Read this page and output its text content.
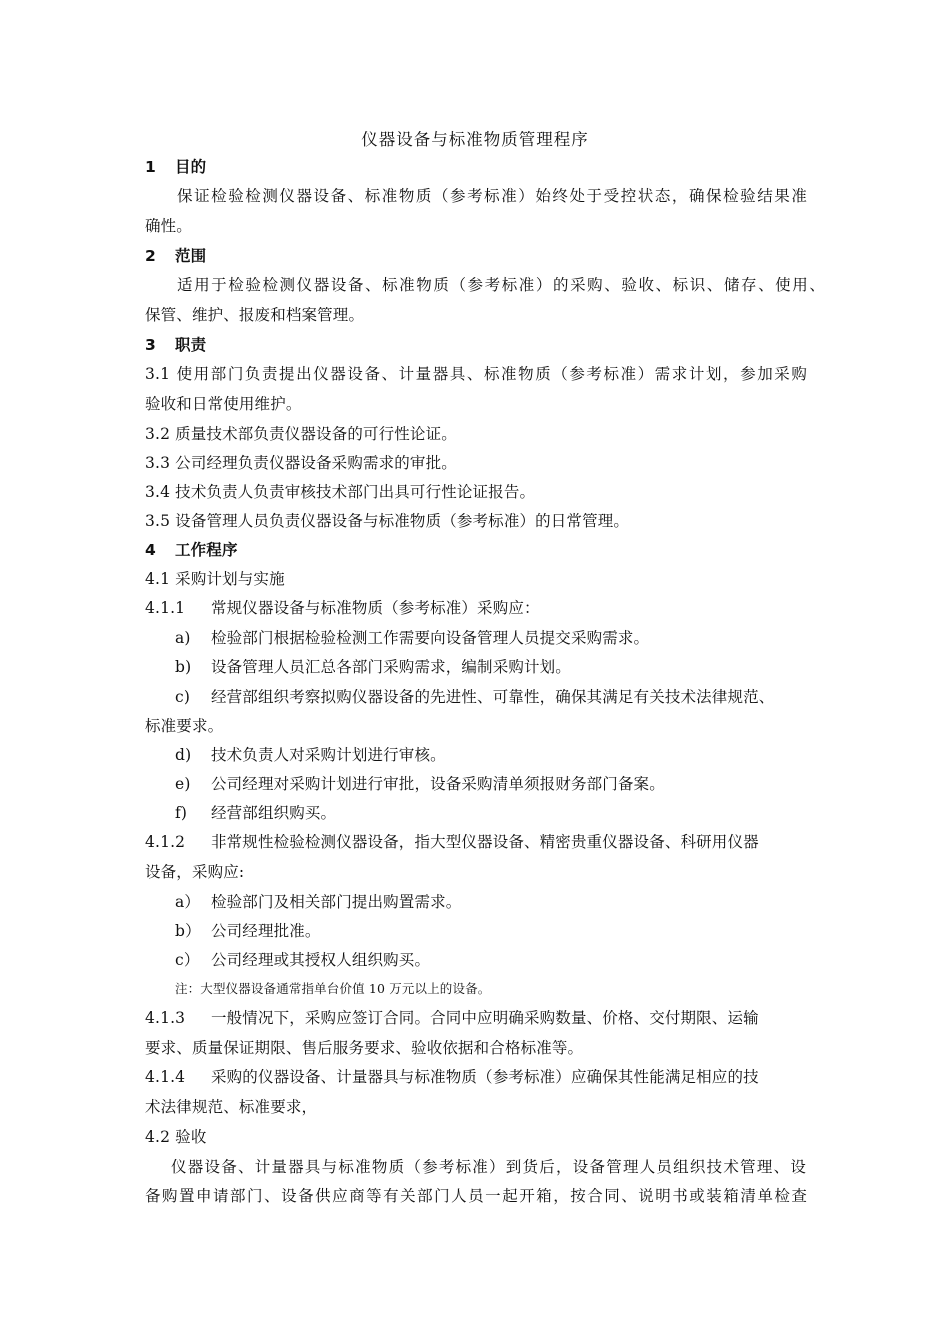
仪器设备与标准物质管理程序
1 目的
保证检验检测仪器设备、标准物质（参考标准）始终处于受控状态，确保检验结果准
确性。
2 范围
适用于检验检测仪器设备、标准物质（参考标准）的采购、验收、标识、储存、使用、
保管、维护、报废和档案管理。
3 职责
3.1 使用部门负责提出仪器设备、计量器具、标准物质（参考标准）需求计划，参加采购
验收和日常使用维护。
3.2 质量技术部负责仪器设备的可行性论证。
3.3 公司经理负责仪器设备采购需求的审批。
3.4 技术负责人负责审核技术部门出具可行性论证报告。
3.5 设备管理人员负责仪器设备与标准物质（参考标准）的日常管理。
4 工作程序
4.1 采购计划与实施
4.1.1 常规仪器设备与标准物质（参考标准）采购应：
a) 检验部门根据检验检测工作需要向设备管理人员提交采购需求。
b) 设备管理人员汇总各部门采购需求，编制采购计划。
c) 经营部组织考察拟购仪器设备的先进性、可靠性，确保其满足有关技术法律规范、
标准要求。
d) 技术负责人对采购计划进行审核。
e) 公司经理对采购计划进行审批，设备采购清单须报财务部门备案。
f) 经营部组织购买。
4.1.2 非常规性检验检测仪器设备，指大型仪器设备、精密贵重仪器设备、科研用仪器
设备，采购应:
a） 检验部门及相关部门提出购置需求。
b） 公司经理批准。
c） 公司经理或其授权人组织购买。
注：大型仪器设备通常指单台价值 10 万元以上的设备。
4.1.3 一般情况下，采购应签订合同。合同中应明确采购数量、价格、交付期限、运输
要求、质量保证期限、售后服务要求、验收依据和合格标准等。
4.1.4 采购的仪器设备、计量器具与标准物质（参考标准）应确保其性能满足相应的技
术法律规范、标准要求，
4.2 验收
仪器设备、计量器具与标准物质（参考标准）到货后，设备管理人员组织技术管理、设
备购置申请部门、设备供应商等有关部门人员一起开箱，按合同、说明书或装箱清单检查
